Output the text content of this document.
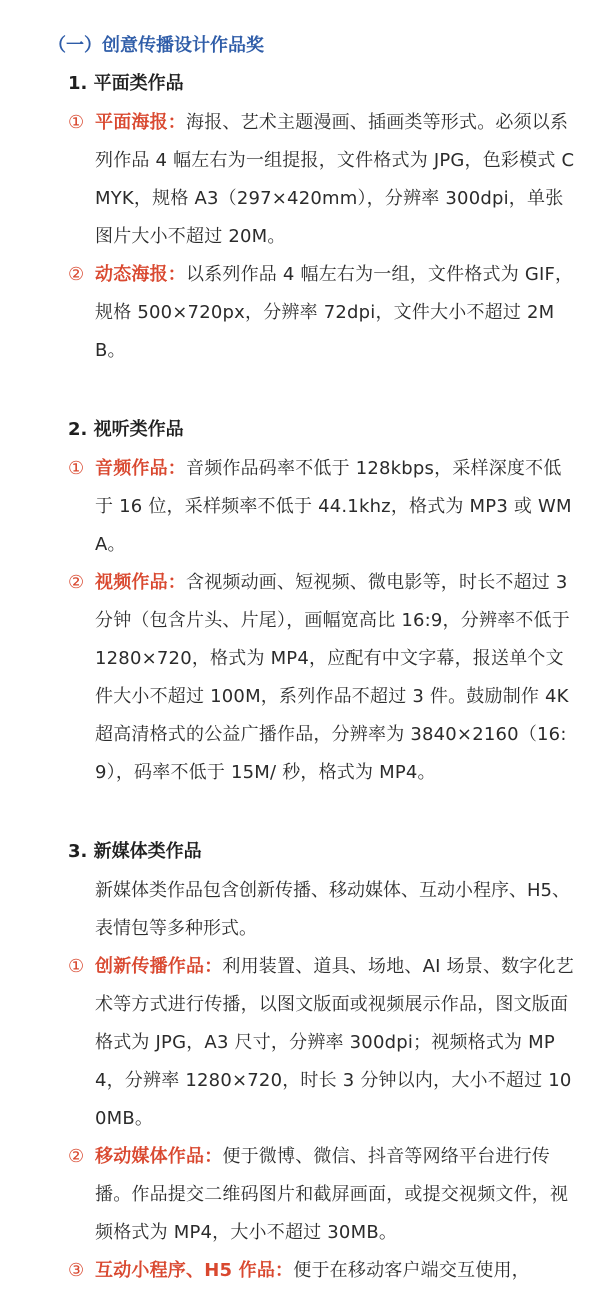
（一）创意传播设计作品奖
1. 平面类作品
① 平面海报：海报、艺术主题漫画、插画类等形式。必须以系列作品 4 幅左右为一组提报，文件格式为 JPG，色彩模式 CMYK，规格 A3（297×420mm），分辨率 300dpi，单张图片大小不超过 20M。
② 动态海报：以系列作品 4 幅左右为一组，文件格式为 GIF，规格 500×720px，分辨率 72dpi，文件大小不超过 2MB。
2. 视听类作品
① 音频作品：音频作品码率不低于 128kbps，采样深度不低于 16 位，采样频率不低于 44.1khz，格式为 MP3 或 WMA。
② 视频作品：含视频动画、短视频、微电影等，时长不超过 3 分钟（包含片头、片尾），画幅宽高比 16:9，分辨率不低于 1280×720，格式为 MP4，应配有中文字幕，报送单个文件大小不超过 100M，系列作品不超过 3 件。鼓励制作 4K 超高清格式的公益广播作品，分辨率为 3840×2160（16:9），码率不低于 15M/ 秒，格式为 MP4。
3. 新媒体类作品
新媒体类作品包含创新传播、移动媒体、互动小程序、H5、表情包等多种形式。
① 创新传播作品：利用装置、道具、场地、AI 场景、数字化艺术等方式进行传播，以图文版面或视频展示作品，图文版面格式为 JPG，A3 尺寸，分辨率 300dpi；视频格式为 MP4，分辨率 1280×720，时长 3 分钟以内，大小不超过 100MB。
② 移动媒体作品：便于微博、微信、抖音等网络平台进行传播。作品提交二维码图片和截屏画面，或提交视频文件，视频格式为 MP4，大小不超过 30MB。
③ 互动小程序、H5 作品：便于在移动客户端交互使用，
